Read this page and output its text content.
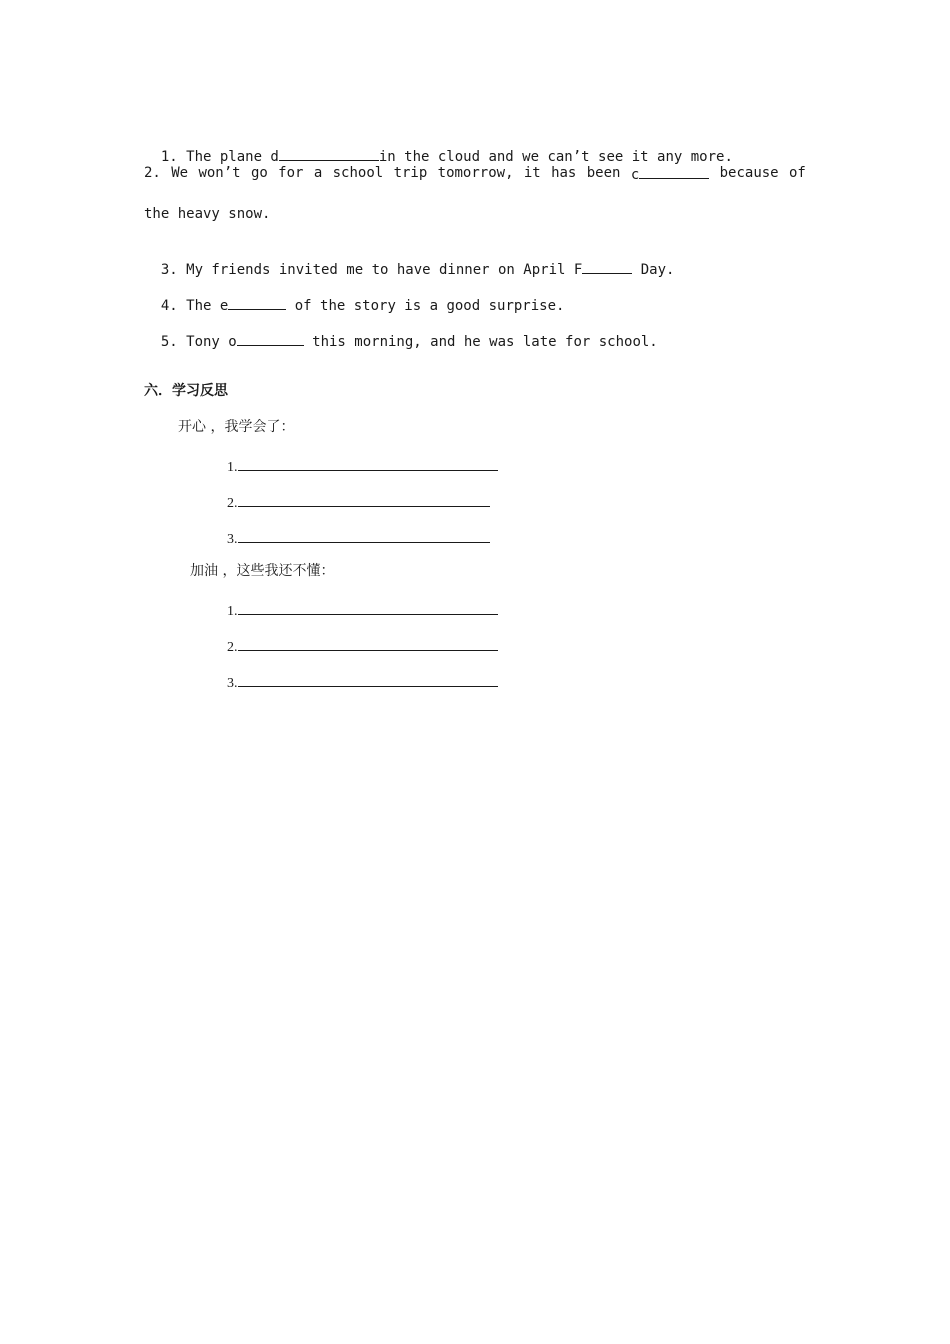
1. The plane d	in the cloud and we can’t see it any more.

2. We won’t go for a school trip tomorrow, it has been c	because of
the heavy snow.

3. My friends invited me to have dinner on April F	Day.

4. The e	of the story is a good surprise.

5. Tony o	this morning, and he was late for school.

六．学习反思
开心 ，我学会了：
1.
2.
3.
加油 ，这些我还不懂：
1.
2.
3.
